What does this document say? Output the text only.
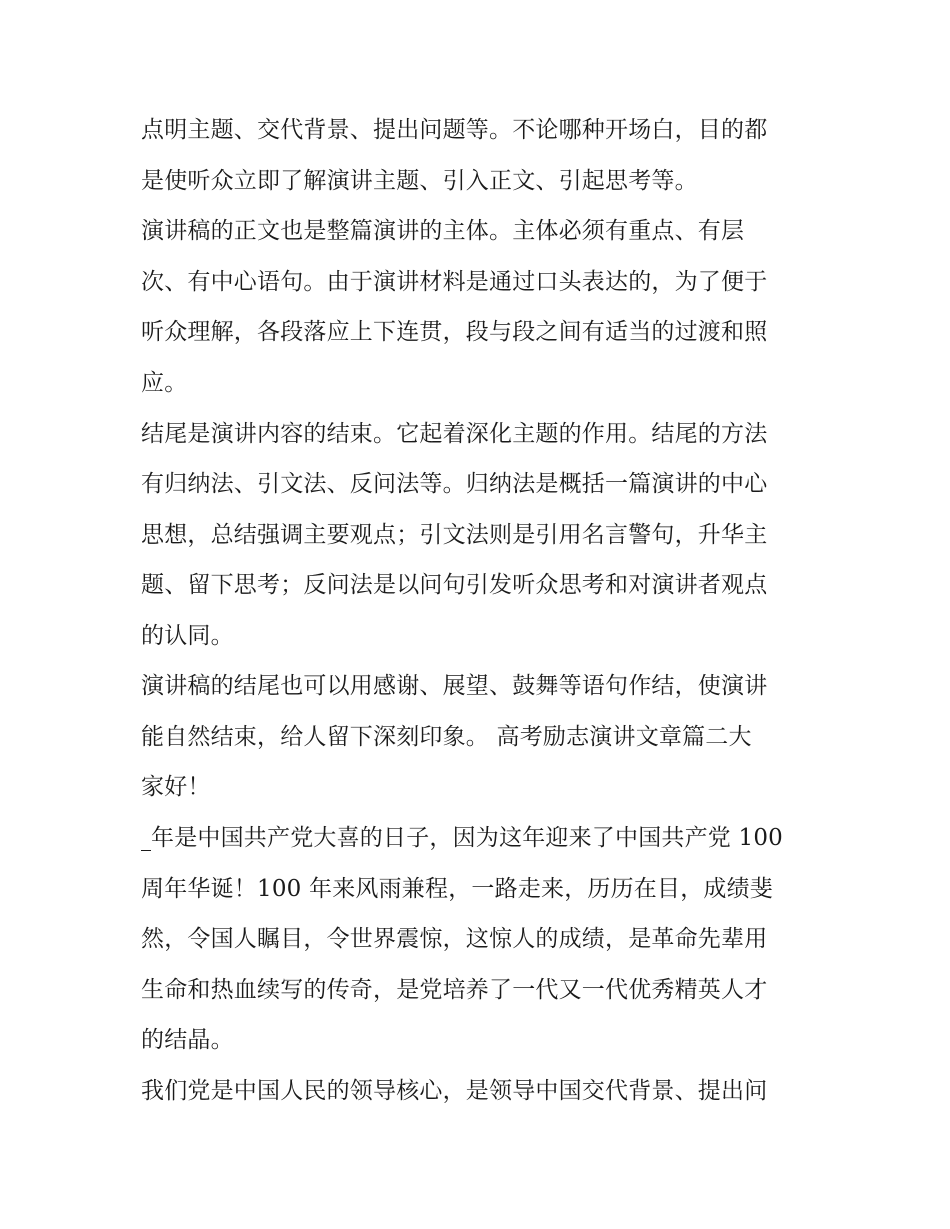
点明主题、交代背景、提出问题等。不论哪种开场白，目的都
是使听众立即了解演讲主题、引入正文、引起思考等。
演讲稿的正文也是整篇演讲的主体。主体必须有重点、有层
次、有中心语句。由于演讲材料是通过口头表达的，为了便于
听众理解，各段落应上下连贯，段与段之间有适当的过渡和照
应。
结尾是演讲内容的结束。它起着深化主题的作用。结尾的方法
有归纳法、引文法、反问法等。归纳法是概括一篇演讲的中心
思想，总结强调主要观点；引文法则是引用名言警句，升华主
题、留下思考；反问法是以问句引发听众思考和对演讲者观点
的认同。
演讲稿的结尾也可以用感谢、展望、鼓舞等语句作结，使演讲
能自然结束，给人留下深刻印象。 高考励志演讲文章篇二大
家好！
年是中国共产党大喜的日子，因为这年迎来了中国共产党 100
周年华诞！100 年来风雨兼程，一路走来，历历在目，成绩斐
然，令国人瞩目，令世界震惊，这惊人的成绩，是革命先辈用
生命和热血续写的传奇，是党培养了一代又一代优秀精英人才
的结晶。
我们党是中国人民的领导核心，是领导中国交代背景、提出问
